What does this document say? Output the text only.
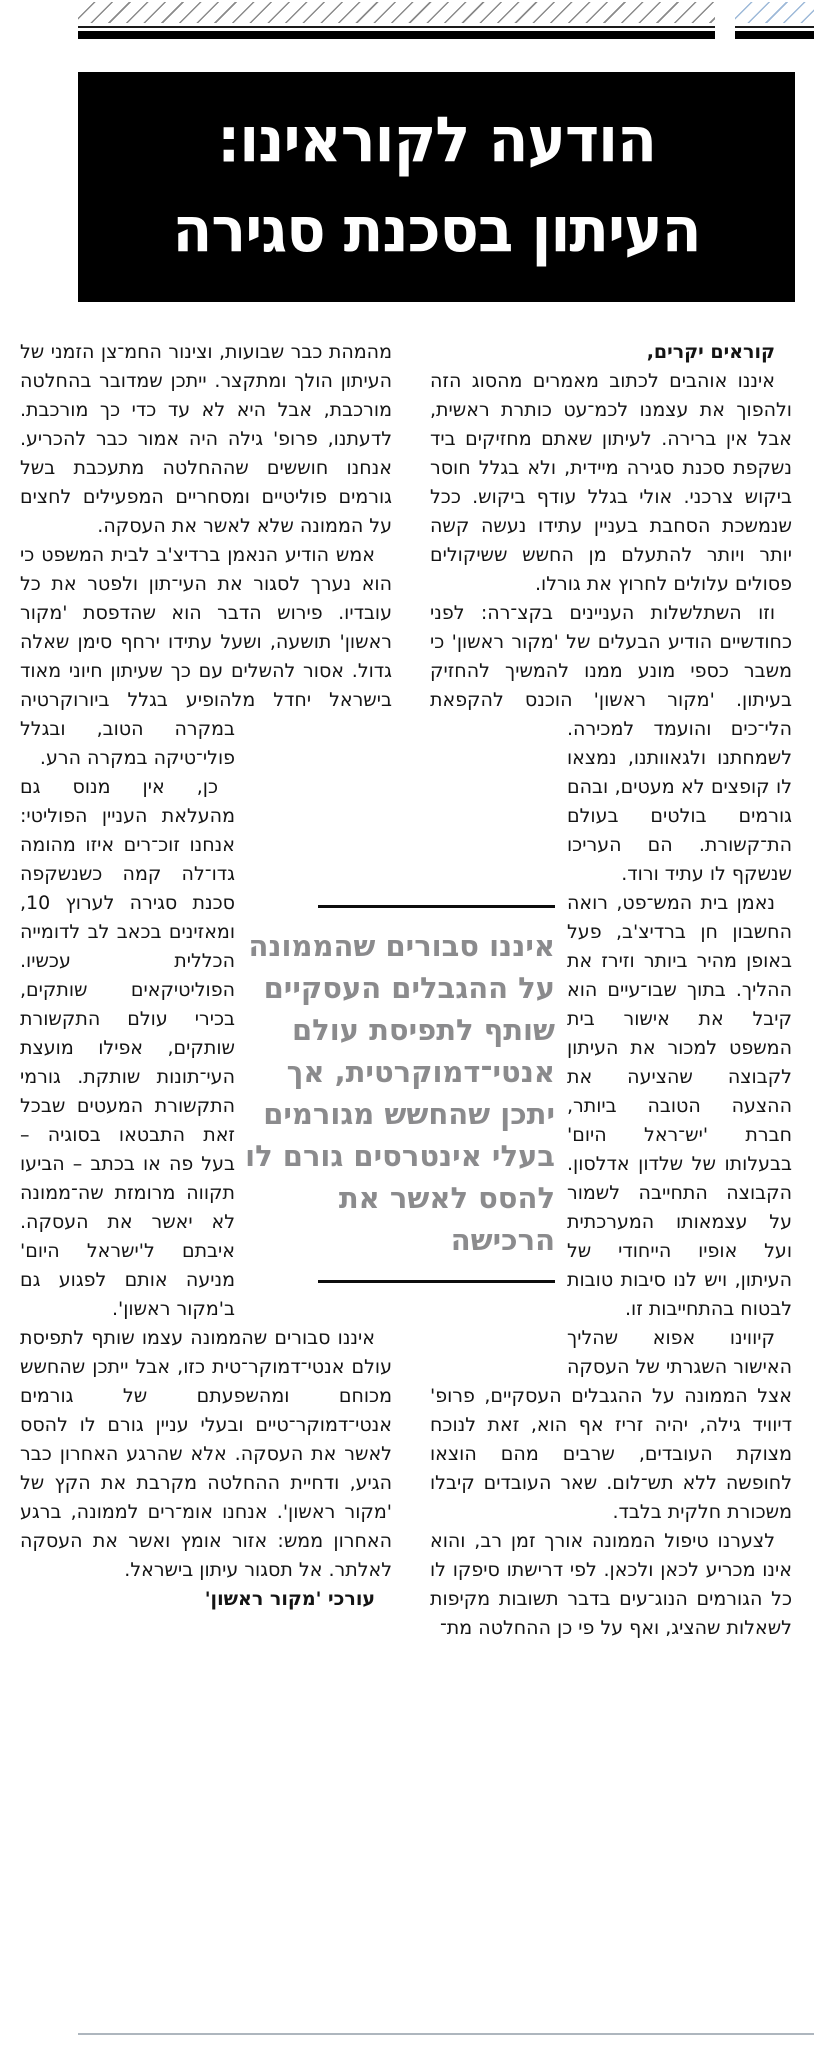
הודעה לקוראינו:
העיתון בסכנת סגירה

קוראים יקרים,

איננו אוהבים לכתוב מאמרים מהסוג הזה ולהפוך את עצמנו לכמ־עט כותרת ראשית, אבל אין ברירה. לעיתון שאתם מחזיקים ביד נשקפת סכנת סגירה מיידית, ולא בגלל חוסר ביקוש צרכני. אולי בגלל עודף ביקוש. ככל שנמשכת הסחבת בעניין עתידו נעשה קשה יותר ויותר להתעלם מן החשש ששיקולים פסולים עלולים לחרוץ את גורלו.

וזו השתלשלות העניינים בקצ־רה: לפני כחודשיים הודיע הבעלים של 'מקור ראשון' כי משבר כספי מונע ממנו להמשיך להחזיק בעיתון. 'מקור ראשון' הוכנס להקפאת הלי־
כים והועמד למכירה. לשמחתנו ולגאוותנו, נמצאו לו קופצים לא מעטים, ובהם גורמים בולטים בעולם הת־קשורת. הם העריכו שנשקף לו עתיד ורוד.

נאמן בית המש־פט, רואה החשבון חן ברדיצ'ב, פעל באופן מהיר ביותר וזירז את ההליך. בתוך שבו־עיים הוא קיבל את אישור בית המשפט למכור את העיתון לקבוצה שהציעה את ההצעה הטובה ביותר, חברת 'יש־ראל היום' בבעלותו של שלדון אדלסון. הקבוצה התחייבה לשמור על עצמאותו המערכתית ועל אופיו הייחודי של העיתון, ויש לנו סיבות טובות לבטוח בהתחייבות זו.

קיווינו אפוא שהליך האישור השגרתי של העסקה אצל הממונה על ההגבלים העסקיים, פרופ' דיוויד גילה, יהיה זריז אף הוא, זאת לנוכח מצוקת העובדים, שרבים מהם הוצאו לחופשה ללא תש־לום. שאר העובדים קיבלו משכורת חלקית בלבד.

לצערנו טיפול הממונה אורך זמן רב, והוא אינו מכריע לכאן ולכאן. לפי דרישתו סיפקו לו כל הגורמים הנוג־עים בדבר תשובות מקיפות לשאלות שהציג, ואף על פי כן ההחלטה מת־

מהמהת כבר שבועות, וצינור החמ־צן הזמני של העיתון הולך ומתקצר. ייתכן שמדובר בהחלטה מורכבת, אבל היא לא עד כדי כך מורכבת. לדעתנו, פרופ' גילה היה אמור כבר להכריע. אנחנו חוששים שההחלטה מתעכבת בשל גורמים פוליטיים ומסחריים המפעילים לחצים על הממונה שלא לאשר את העסקה.

אמש הודיע הנאמן ברדיצ'ב לבית המשפט כי הוא נערך לסגור את העי־תון ולפטר את כל עובדיו. פירוש הדבר הוא שהדפסת 'מקור ראשון' תושעה, ושעל עתידו ירחף סימן שאלה גדול. אסור להשלים עם כך שעיתון חיוני מאוד בישראל יחדל מלהופיע בגלל
ביורוקרטיה במקרה הטוב, ובגלל פולי־טיקה במקרה הרע.

כן, אין מנוס גם מהעלאת העניין הפוליטי: אנחנו זוכ־רים איזו מהומה גדו־לה קמה כשנשקפה סכנת סגירה לערוץ 10, ומאזינים בכאב לב לדומייה הכללית עכשיו. הפוליטיקאים שותקים, בכירי עולם התקשורת שותקים, אפילו מועצת העי־תונות שותקת. גורמי התקשורת המעטים שבכל זאת התבטאו בסוגיה – בעל פה או בכתב – הביעו תקווה מרומזת שה־ממונה לא יאשר את העסקה. איבתם ל'ישראל היום' מניעה אותם לפגוע גם ב'מקור ראשון'.

איננו סבורים שהממונה עצמו שותף לתפיסת עולם אנטי־דמוקר־טית כזו, אבל ייתכן שהחשש מכוחם ומהשפעתם של גורמים אנטי־דמוקר־טיים ובעלי עניין גורם לו להסס לאשר את העסקה. אלא שהרגע האחרון כבר הגיע, ודחיית ההחלטה מקרבת את הקץ של 'מקור ראשון'. אנחנו אומ־רים לממונה, ברגע האחרון ממש: אזור אומץ ואשר את העסקה לאלתר. אל תסגור עיתון בישראל.

עורכי 'מקור ראשון'

איננו סבורים שהממונה על ההגבלים העסקיים שותף לתפיסת עולם אנטי־דמוקרטית, אך יתכן שהחשש מגורמים בעלי אינטרסים גורם לו להסס לאשר את הרכישה
